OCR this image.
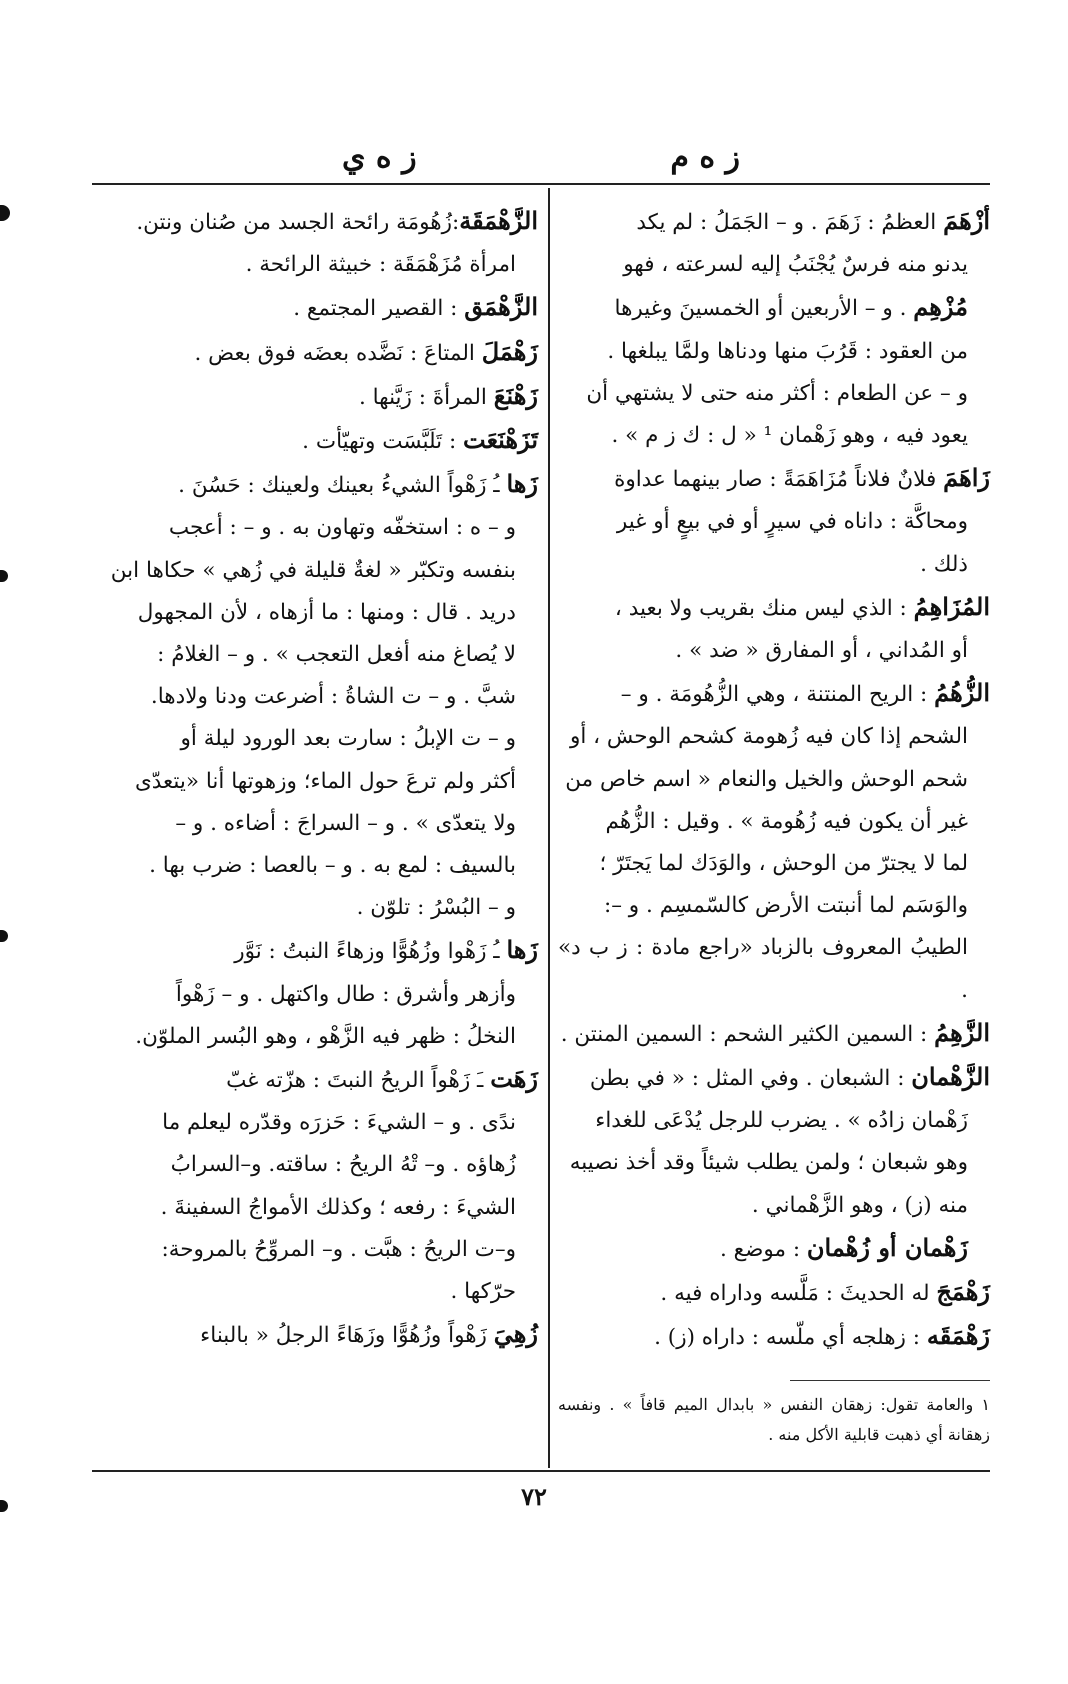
ز ه م
ز ه ي

أزْهَمَ العظمُ : زَهَمَ . و – الجَمَلُ : لم يكد

يدنو منه فرسٌ يُجْنَبُ إليه لسرعته ، فهو

مُزْهِم . و – الأربعين أو الخمسينَ وغيرها

من العقود : قَرُبَ منها ودناها ولمَّا يبلغها .

و – عن الطعام : أكثر منه حتى لا يشتهي أن

يعود فيه ، وهو زَهْمان ¹ « ل : ك ز م » .

زَاهَمَ فلانٌ فلاناً مُزَاهَمَةً : صار بينهما عداوة

ومحاكَّة : داناه في سيرٍ أو في بيعٍ أو غير

ذلك .

المُزَاهِمُ : الذي ليس منك بقريب ولا بعيد ،

أو المُداني ، أو المفارق « ضد » .

الزُّهُمُ : الريح المنتنة ، وهي الزُّهُومَة . و –

الشحم إذا كان فيه زُهومة كشحم الوحش ، أو

شحم الوحش والخيل والنعام « اسم خاص من

غير أن يكون فيه زُهُومة » . وقيل : الزُّهُم

لما لا يجترّ من الوحش ، والوَدَك لما يَجتَرّ ؛

والوَسَم لما أنبتت الأرض كالسّمسِم . و –:

الطيبُ المعروف بالزباد «راجع مادة : ز ب د» .

الزَّهِمُ : السمين الكثير الشحم : السمين المنتن .

الزَّهْمان : الشبعان . وفي المثل : « في بطن

زَهْمان زادُه » . يضرب للرجل يُدْعَى للغداء

وهو شبعان ؛ ولمن يطلب شيئاً وقد أخذ نصيبه

منه (ز) ، وهو الزَّهْماني .

زَهْمان أو زُهْمان : موضع .

زَهْمَجَ له الحديثَ : مَلَّسه وداراه فيه .

زَهْمَقَه : زهلجه أي ملّسه : داراه (ز) .

الزَّهْمَقَة:زُهُومَة رائحة الجسد من صُنان ونتن.

امرأة مُزَهْمَقَة : خبيثة الرائحة .

الزَّهْمَق : القصير المجتمع .

زَهْمَلَ المتاعَ : نَضَّده بعضَه فوق بعض .

زَهْنَعَ المرأةَ : زَيَّنها .

تَزَهْنَعَت : تَلَبَّسَت وتهيّأت .

زَها ـُ زَهْواً الشيءُ بعينك ولعينك : حَسُنَ .

و – ه : استخفّه وتهاون به . و – : أعجب

بنفسه وتكبّر « لغةٌ قليلة في زُهي » حكاها ابن

دريد . قال : ومنها : ما أزهاه ، لأن المجهول

لا يُصاغ منه أفعل التعجب » . و – الغلامُ :

شبَّ . و – ت الشاةُ : أضرعت ودنا ولادها.

و – ت الإبلُ : سارت بعد الورود ليلة أو

أكثر ولم ترعَ حول الماء؛ وزهوتها أنا «يتعدّى

ولا يتعدّى » . و – السراجَ : أضاءه . و –

بالسيف : لمع به . و – بالعصا : ضرب بها .

و – البُسْرُ : تلوّن .

زَها ـُ زَهْوا وزُهُوًّا وزهاءً النبتُ : نَوَّر

وأزهر وأشرق : طال واكتهل . و – زَهْواً

النخلُ : ظهر فيه الزَّهْو ، وهو البُسر الملوّن.

زَهَت ـَ زَهْواً الريحُ النبتَ : هزّته غبّ

ندًى . و – الشيءَ : حَزرَه وقدّره ليعلم ما

زُهاؤه . و– تْهُ الريحُ : ساقته. و–السرابُ

الشيءَ : رفعه ؛ وكذلك الأمواجُ السفينةَ .

و–ت الريحُ : هبَّت . و– المروِّحُ بالمروحة:

حرّكها .

زُهِيَ زَهْواً وزُهُوًّا وزَهَاءً الرجلُ « بالبناء

١ والعامة تقول: زهقان النفس « بابدال الميم قافاً » . ونفسه زهقانة أي ذهبت قابلية الأكل منه .
٧٢
